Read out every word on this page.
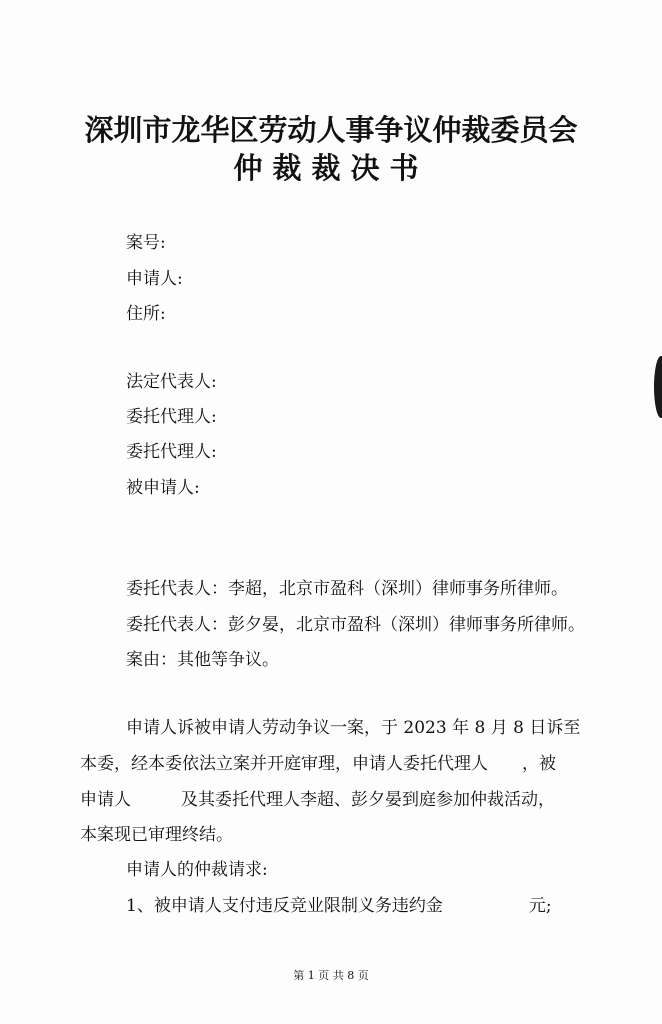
深圳市龙华区劳动人事争议仲裁委员会
仲裁裁决书
案号:
申请人:
住所:
法定代表人:
委托代理人:
委托代理人:
被申请人:
委托代表人：李超，北京市盈科（深圳）律师事务所律师。
委托代表人：彭夕晏，北京市盈科（深圳）律师事务所律师。
案由：其他等争议。
申请人诉被申请人劳动争议一案，于 2023 年 8 月 8 日诉至
本委，经本委依法立案并开庭审理，申请人委托代理人 ，被
申请人	及其委托代理人李超、彭夕晏到庭参加仲裁活动，
本案现已审理终结。
申请人的仲裁请求:
1、被申请人支付违反竞业限制义务违约金	元;
第 1 页 共 8 页
